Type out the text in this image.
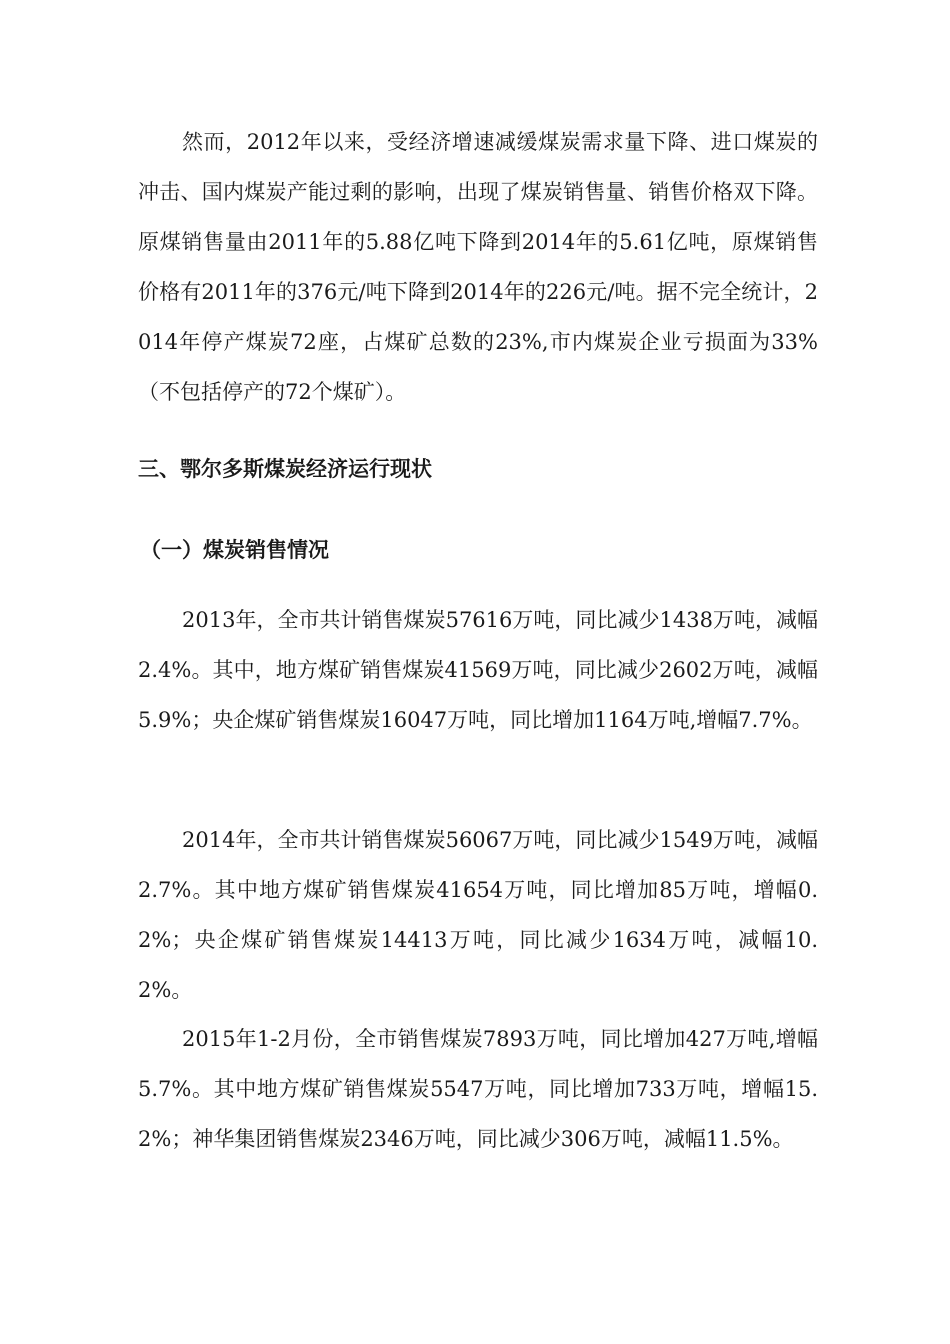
然而，2012年以来，受经济增速减缓煤炭需求量下降、进口煤炭的冲击、国内煤炭产能过剩的影响，出现了煤炭销售量、销售价格双下降。原煤销售量由2011年的5.88亿吨下降到2014年的5.61亿吨，原煤销售价格有2011年的376元/吨下降到2014年的226元/吨。据不完全统计，2014年停产煤炭72座，占煤矿总数的23%,市内煤炭企业亏损面为33%（不包括停产的72个煤矿）。

三、鄂尔多斯煤炭经济运行现状
（一）煤炭销售情况

2013年，全市共计销售煤炭57616万吨，同比减少1438万吨，减幅2.4%。其中，地方煤矿销售煤炭41569万吨，同比减少2602万吨，减幅5.9%；央企煤矿销售煤炭16047万吨，同比增加1164万吨,增幅7.7%。

2014年，全市共计销售煤炭56067万吨，同比减少1549万吨，减幅2.7%。其中地方煤矿销售煤炭41654万吨，同比增加85万吨，增幅0.2%；央企煤矿销售煤炭14413万吨，同比减少1634万吨，减幅10.2%。

2015年1-2月份，全市销售煤炭7893万吨，同比增加427万吨,增幅5.7%。其中地方煤矿销售煤炭5547万吨，同比增加733万吨，增幅15.2%；神华集团销售煤炭2346万吨，同比减少306万吨，减幅11.5%。
